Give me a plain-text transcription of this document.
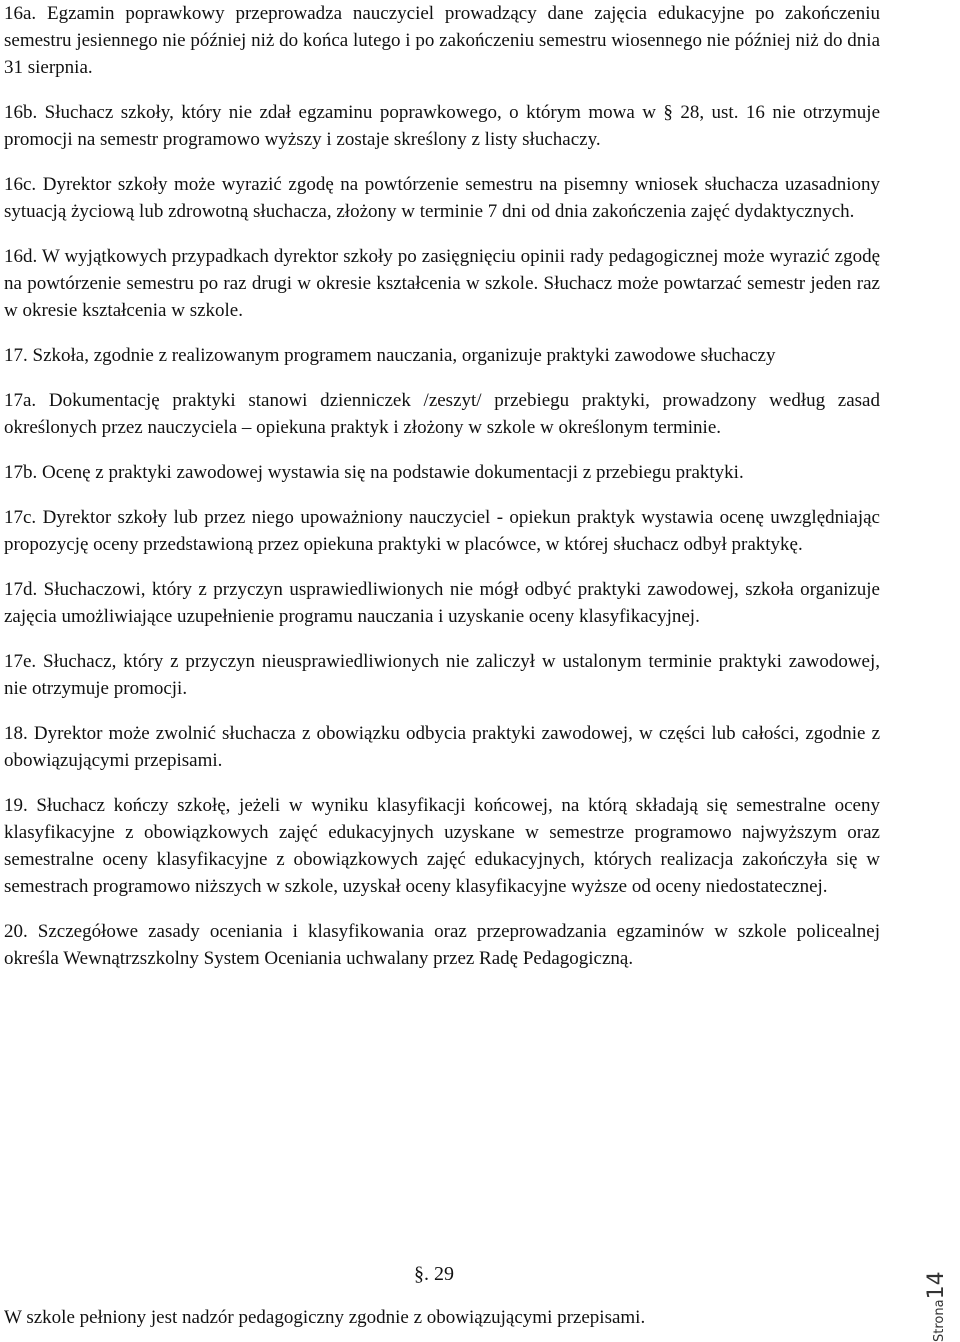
16a. Egzamin poprawkowy przeprowadza nauczyciel prowadzący dane zajęcia edukacyjne po zakończeniu semestru jesiennego nie później niż do końca lutego i po zakończeniu semestru wiosennego nie później niż do dnia 31 sierpnia.

16b. Słuchacz szkoły, który nie zdał egzaminu poprawkowego, o którym mowa w § 28, ust. 16 nie otrzymuje promocji na semestr programowo wyższy i zostaje skreślony z listy słuchaczy.

16c. Dyrektor szkoły może wyrazić zgodę na powtórzenie semestru na pisemny wniosek słuchacza uzasadniony sytuacją życiową lub zdrowotną słuchacza, złożony w terminie 7 dni od dnia zakończenia zajęć dydaktycznych.

16d. W wyjątkowych przypadkach dyrektor szkoły po zasięgnięciu opinii rady pedagogicznej może wyrazić zgodę na powtórzenie semestru po raz drugi w okresie kształcenia w szkole. Słuchacz może powtarzać semestr jeden raz w okresie kształcenia w szkole.

17. Szkoła, zgodnie z realizowanym programem nauczania, organizuje praktyki zawodowe słuchaczy

17a. Dokumentację praktyki stanowi dzienniczek /zeszyt/ przebiegu praktyki, prowadzony według zasad określonych przez nauczyciela – opiekuna praktyk i złożony w szkole w określonym terminie.

17b. Ocenę z praktyki zawodowej wystawia się na podstawie dokumentacji z przebiegu praktyki.

17c. Dyrektor szkoły lub przez niego upoważniony nauczyciel - opiekun praktyk wystawia ocenę uwzględniając propozycję oceny przedstawioną przez opiekuna praktyki w placówce, w której słuchacz odbył praktykę.

17d. Słuchaczowi, który z przyczyn usprawiedliwionych nie mógł odbyć praktyki zawodowej, szkoła organizuje zajęcia umożliwiające uzupełnienie programu nauczania i uzyskanie oceny klasyfikacyjnej.

17e. Słuchacz, który z przyczyn nieusprawiedliwionych nie zaliczył w ustalonym terminie praktyki zawodowej, nie otrzymuje promocji.

18. Dyrektor może zwolnić słuchacza z obowiązku odbycia praktyki zawodowej, w części lub całości, zgodnie z obowiązującymi przepisami.

19. Słuchacz kończy szkołę, jeżeli w wyniku klasyfikacji końcowej, na którą składają się semestralne oceny klasyfikacyjne z obowiązkowych zajęć edukacyjnych uzyskane w semestrze programowo najwyższym oraz semestralne oceny klasyfikacyjne z obowiązkowych zajęć edukacyjnych, których realizacja zakończyła się w semestrach programowo niższych w szkole, uzyskał oceny klasyfikacyjne wyższe od oceny niedostatecznej.

20. Szczegółowe zasady oceniania i klasyfikowania oraz przeprowadzania egzaminów w szkole policealnej określa Wewnątrzszkolny System Oceniania uchwalany przez Radę Pedagogiczną.

§. 29
W szkole pełniony jest nadzór pedagogiczny zgodnie z obowiązującymi przepisami.	Strona14
